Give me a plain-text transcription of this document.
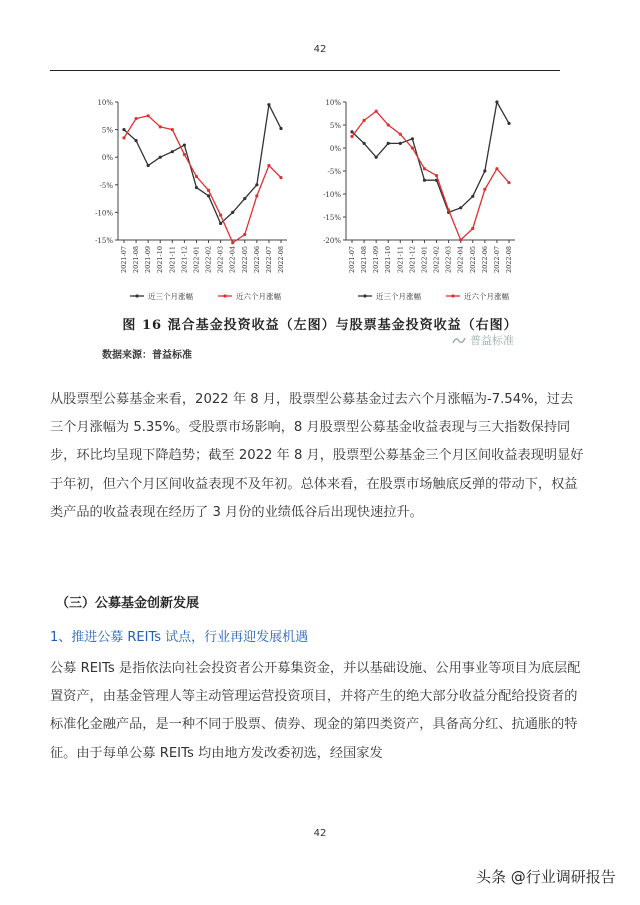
42
10%
5%
0%
-5%
-10%
-15%
2021-07 2021-08 2021-09 2021-10 2021-11 2021-12 2022-01 2022-02 2022-03 2022-04 2022-05 2022-06 2022-07 2022-08
近三个月涨幅	近六个月涨幅
10%
5%
0%
-5%
-10%
-15%
-20%
2021-07 2021-08 2021-09 2021-10 2021-11 2021-12 2022-01 2022-02 2022-03 2022-04 2022-05 2022-06 2022-07 2022-08
近三个月涨幅	近六个月涨幅
图 16 混合基金投资收益（左图）与股票基金投资收益（右图）
数据来源：普益标准
普益标准

从股票型公募基金来看，2022 年 8 月，股票型公募基金过去六个月涨幅为-7.54%，过去三个月涨幅为 5.35%。受股票市场影响，8 月股票型公募基金收益表现与三大指数保持同步，环比均呈现下降趋势；截至 2022 年 8 月，股票型公募基金三个月区间收益表现明显好于年初，但六个月区间收益表现不及年初。总体来看，在股票市场触底反弹的带动下，权益类产品的收益表现在经历了 3 月份的业绩低谷后出现快速拉升。

（三）公募基金创新发展
1、推进公募 REITs 试点，行业再迎发展机遇

公募 REITs 是指依法向社会投资者公开募集资金，并以基础设施、公用事业等项目为底层配置资产，由基金管理人等主动管理运营投资项目，并将产生的绝大部分收益分配给投资者的标准化金融产品，是一种不同于股票、债券、现金的第四类资产，具备高分红、抗通胀的特征。由于每单公募 REITs 均由地方发改委初选，经国家发

42
头条 @行业调研报告
